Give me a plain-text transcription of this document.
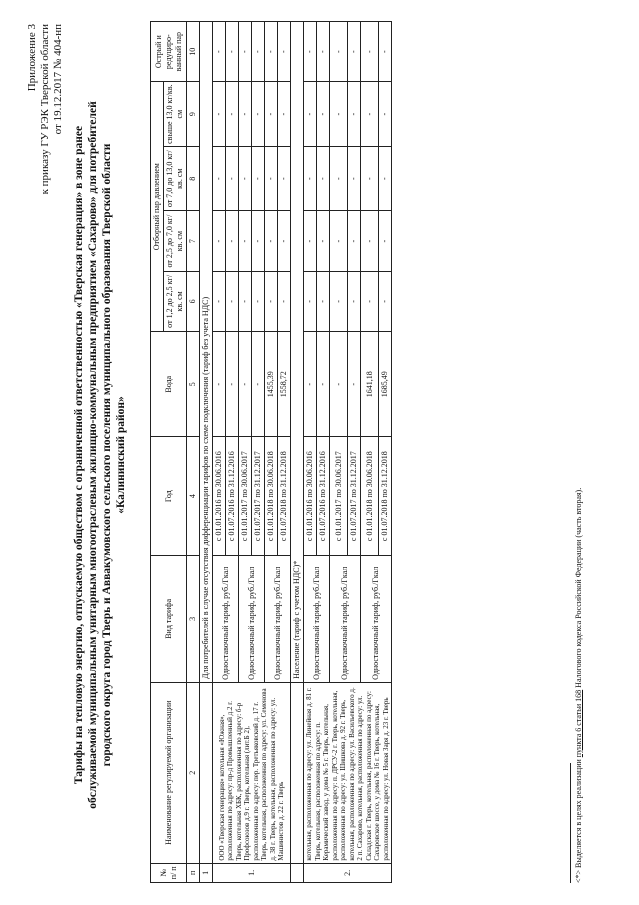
Приложение 3 к приказу ГУ РЭК Тверской области от 19.12.2017 № 404-нп
Тарифы на тепловую энергию, отпускаемую обществом с ограниченной ответственностью «Тверская генерация» в зоне ранее обслуживаемой муниципальным унитарным многоотраслевым жилищно-коммунальным предприятием «Сахарово» для потребителей городского округа город Тверь и Аввакумовского сельского поселения муниципального образования Тверской области «Калининский район»
№ п/ п	Наименование регулируемой организации	Вид тарифа	Год	Вода	Отборный пар давлением				Острый и редуциро-ванный пар
					от 1,2 до 2,5 кг/кв. см	от 2,5 до 7,0 кг/кв. см	от 7,0 до 13,0 кг/кв. см	свыше 13,0 кг/кв. см	
п	2	3	4	5	6	7	8	9	10
1		Для потребителей в случае отсутствия дифференциации тарифов по схеме подключения (тариф без учета НДС)							
1.	ООО «Тверская генерация» котельная «Южная», расположенная по адресу: пр-д Промышленный д.2 г. Тверь, котельная ХБК, расположенная по адресу: б-р Профсоюзов д.9 г. Тверь, котельная (лит.Б 2), расположенная по адресу: пер. Третьяковский д. 17 г. Тверь, котельная, расположенная по адресу: ул. Семенова д. 38 г. Тверь, котельная, расположенная по адресу: ул. Машинистов д. 22 г. Тверь	Одноставочный тариф, руб./Гкал	с 01.01.2016 по 30.06.2016	-	-	-	-	-	-
			с 01.07.2016 по 31.12.2016	-	-	-	-	-	-
		Одноставочный тариф, руб./Гкал	с 01.01.2017 по 30.06.2017	-	-	-	-	-	-
			с 01.07.2017 по 31.12.2017	-	-	-	-	-	-
		Одноставочный тариф, руб./Гкал	с 01.01.2018 по 30.06.2018	1455,39	-	-	-	-	-
			с 01.07.2018 по 31.12.2018	1558,72	-	-	-	-	-
		Население (тариф с учетом НДС)*							
2.	котельная, расположенная по адресу: ул. Линейная д. 81 г. Тверь, котельная, расположенная по адресу: п. Керамический завод, у дома № 5 г. Тверь, котельная, расположенная по адресу: п. ДРСУ-2 г. Тверь, котельная, расположенная по адресу: ул. Шишкова д. 92 г. Тверь, котельная, расположенная по адресу: ул. Васильевского д. 2 п. Сахарово, котельная, расположенная по адресу: ул. Складская г. Тверь, котельная, расположенная по адресу: Сахаровское шоссе, у дома № 16 г. Тверь, котельная, расположенная по адресу: ул. Новая Заря д. 23 г. Тверь	Одноставочный тариф, руб./Гкал	с 01.01.2016 по 30.06.2016	-	-	-	-	-	-
			с 01.07.2016 по 31.12.2016	-	-	-	-	-	-
		Одноставочный тариф, руб./Гкал	с 01.01.2017 по 30.06.2017	-	-	-	-	-	-
			с 01.07.2017 по 31.12.2017	-	-	-	-	-	-
		Одноставочный тариф, руб./Гкал	с 01.01.2018 по 30.06.2018	1641,18	-	-	-	-	-
			с 01.07.2018 по 31.12.2018	1685,49	-	-	-	-	-
<*> Выделяется в целях реализации пункта 6 статьи 168 Налогового кодекса Российской Федерации (часть вторая).
